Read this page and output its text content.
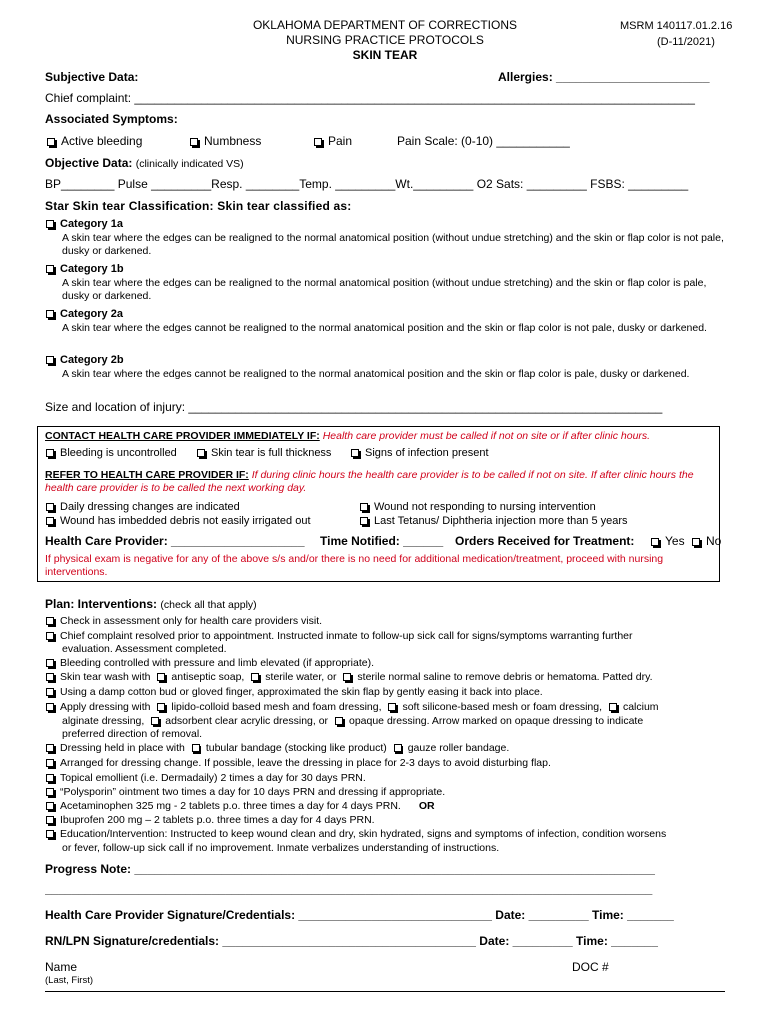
OKLAHOMA DEPARTMENT OF CORRECTIONS
NURSING PRACTICE PROTOCOLS
SKIN TEAR
MSRM 140117.01.2.16
(D-11/2021)
Subjective Data:	Allergies: _______________________
Chief complaint: ____________________________________________________________________________________
Associated Symptoms:
Active bleeding	Numbness	Pain	Pain Scale: (0-10) ___________
Objective Data: (clinically indicated VS)
BP________ Pulse _________Resp. ________Temp. _________Wt._________ O2 Sats: _________ FSBS: _________
Star Skin tear Classification: Skin tear classified as:
Category 1a
A skin tear where the edges can be realigned to the normal anatomical position (without undue stretching) and the skin or flap color is not pale, dusky or darkened.
Category 1b
A skin tear where the edges can be realigned to the normal anatomical position (without undue stretching) and the skin or flap color is pale, dusky or darkened.
Category 2a
A skin tear where the edges cannot be realigned to the normal anatomical position and the skin or flap color is not pale, dusky or darkened.
Category 2b
A skin tear where the edges cannot be realigned to the normal anatomical position and the skin or flap color is pale, dusky or darkened.
Size and location of injury: _______________________________________________________________________
CONTACT HEALTH CARE PROVIDER IMMEDIATELY IF: Health care provider must be called if not on site or if after clinic hours.
Bleeding is uncontrolled	Skin tear is full thickness	Signs of infection present
REFER TO HEALTH CARE PROVIDER IF: If during clinic hours the health care provider is to be called if not on site. If after clinic hours the health care provider is to be called the next working day.
Daily dressing changes are indicated	Wound not responding to nursing intervention
Wound has imbedded debris not easily irrigated out	Last Tetanus/ Diphtheria injection more than 5 years
Health Care Provider: ____________________ Time Notified: ______ Orders Received for Treatment:	Yes	No
If physical exam is negative for any of the above s/s and/or there is no need for additional medication/treatment, proceed with nursing interventions.
Plan: Interventions: (check all that apply)
Check in assessment only for health care providers visit.
Chief complaint resolved prior to appointment. Instructed inmate to follow-up sick call for signs/symptoms warranting further
evaluation. Assessment completed.
Bleeding controlled with pressure and limb elevated (if appropriate).
Skin tear wash with antiseptic soap, sterile water, or sterile normal saline to remove debris or hematoma. Patted dry.
Using a damp cotton bud or gloved finger, approximated the skin flap by gently easing it back into place.
Apply dressing with lipido-colloid based mesh and foam dressing, soft silicone-based mesh or foam dressing, calcium
alginate dressing, adsorbent clear acrylic dressing, or opaque dressing. Arrow marked on opaque dressing to indicate
preferred direction of removal.
Dressing held in place with tubular bandage (stocking like product) gauze roller bandage.
Arranged for dressing change. If possible, leave the dressing in place for 2-3 days to avoid disturbing flap.
Topical emollient (i.e. Dermadaily) 2 times a day for 30 days PRN.
“Polysporin” ointment two times a day for 10 days PRN and dressing if appropriate.
Acetaminophen 325 mg - 2 tablets p.o. three times a day for 4 days PRN. OR
Ibuprofen 200 mg – 2 tablets p.o. three times a day for 4 days PRN.
Education/Intervention: Instructed to keep wound clean and dry, skin hydrated, signs and symptoms of infection, condition worsens
or fever, follow-up sick call if no improvement. Inmate verbalizes understanding of instructions.
Progress Note: ______________________________________________________________________________
___________________________________________________________________________________________
Health Care Provider Signature/Credentials: _____________________________ Date: _________ Time: _______
RN/LPN Signature/credentials: ______________________________________ Date: _________ Time: _______
Name
(Last, First)
DOC #
